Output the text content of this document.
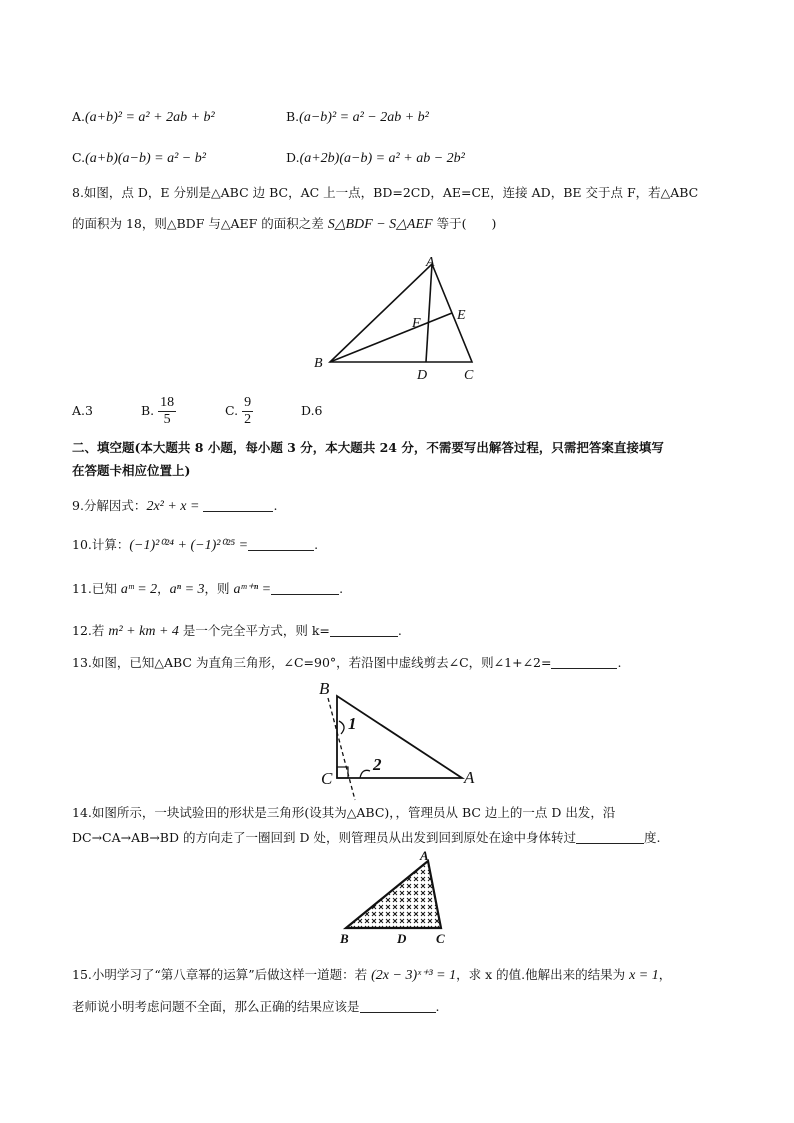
A.(a+b)² = a² + 2ab + b²	B.(a−b)² = a² − 2ab + b²
C.(a+b)(a−b) = a² − b²	D.(a+2b)(a−b) = a² + ab − 2b²
8.如图，点 D，E 分别是△ABC 边 BC，AC 上一点，BD=2CD，AE=CE，连接 AD，BE 交于点 F，若△ABC
的面积为 18，则△BDF 与△AEF 的面积之差 S△BDF − S△AEF 等于(　　)
A
E
F
B
D	C
A.3	B. $\frac{18}{5}$	C. $\frac{9}{2}$	D.6
二、填空题(本大题共 8 小题，每小题 3 分，本大题共 24 分，不需要写出解答过程，只需把答案直接填写
在答题卡相应位置上)
9.分解因式：2x² + x =	.
10.计算：(−1)²⁰²⁴ + (−1)²⁰²⁵ =	.
11.已知 aᵐ = 2，aⁿ = 3，则 aᵐ⁺ⁿ =	.
12.若 m² + km + 4 是一个完全平方式，则 k=	.
13.如图，已知△ABC 为直角三角形，∠C=90°，若沿图中虚线剪去∠C，则∠1+∠2=	.
B
1
2
C	A
14.如图所示，一块试验田的形状是三角形(设其为△ABC)，，管理员从 BC 边上的一点 D 出发，沿
DC→CA→AB→BD 的方向走了一圈回到 D 处，则管理员从出发到回到原处在途中身体转过	度.
A
B	D C
15.小明学习了“第八章幂的运算”后做这样一道题：若 (2x − 3)ˣ⁺³ = 1，求 x 的值.他解出来的结果为 x = 1，
老师说小明考虑问题不全面，那么正确的结果应该是	.
